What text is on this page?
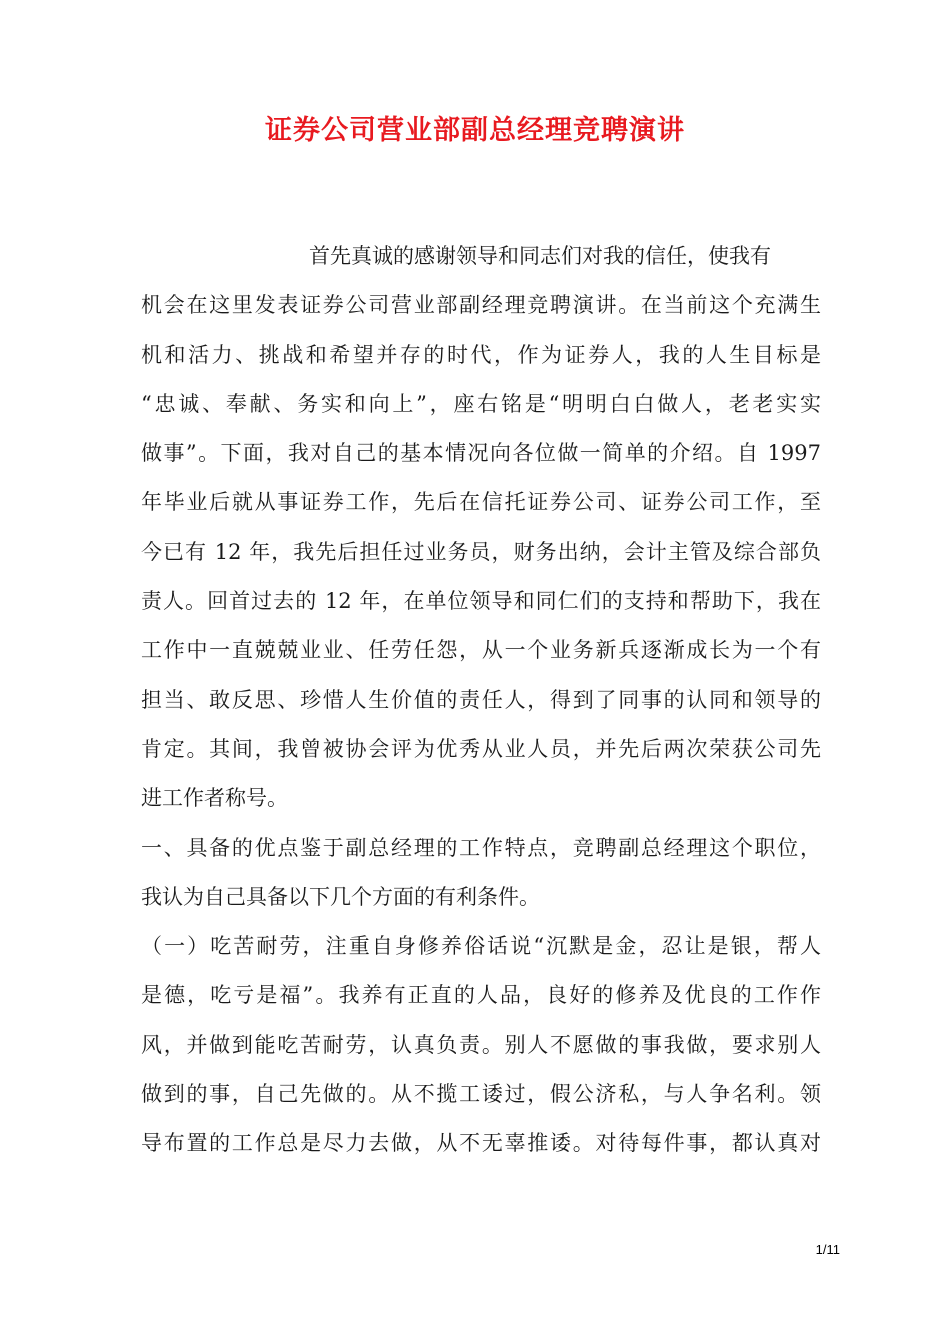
证券公司营业部副总经理竞聘演讲
首先真诚的感谢领导和同志们对我的信任，使我有
机会在这里发表证券公司营业部副经理竞聘演讲。在当前这个充满生
机和活力、挑战和希望并存的时代，作为证券人，我的人生目标是
“忠诚、奉献、务实和向上”，座右铭是“明明白白做人，老老实实
做事”。下面，我对自己的基本情况向各位做一简单的介绍。自 1997
年毕业后就从事证券工作，先后在信托证券公司、证券公司工作，至
今已有 12 年，我先后担任过业务员，财务出纳，会计主管及综合部负
责人。回首过去的 12 年，在单位领导和同仁们的支持和帮助下，我在
工作中一直兢兢业业、任劳任怨，从一个业务新兵逐渐成长为一个有
担当、敢反思、珍惜人生价值的责任人，得到了同事的认同和领导的
肯定。其间，我曾被协会评为优秀从业人员，并先后两次荣获公司先
进工作者称号。
一、具备的优点鉴于副总经理的工作特点，竞聘副总经理这个职位，
我认为自己具备以下几个方面的有利条件。
（一）吃苦耐劳，注重自身修养俗话说“沉默是金，忍让是银，帮人
是德，吃亏是福”。我养有正直的人品，良好的修养及优良的工作作
风，并做到能吃苦耐劳，认真负责。别人不愿做的事我做，要求别人
做到的事，自己先做的。从不揽工诿过，假公济私，与人争名利。领
导布置的工作总是尽力去做，从不无辜推诿。对待每件事，都认真对
1/11
